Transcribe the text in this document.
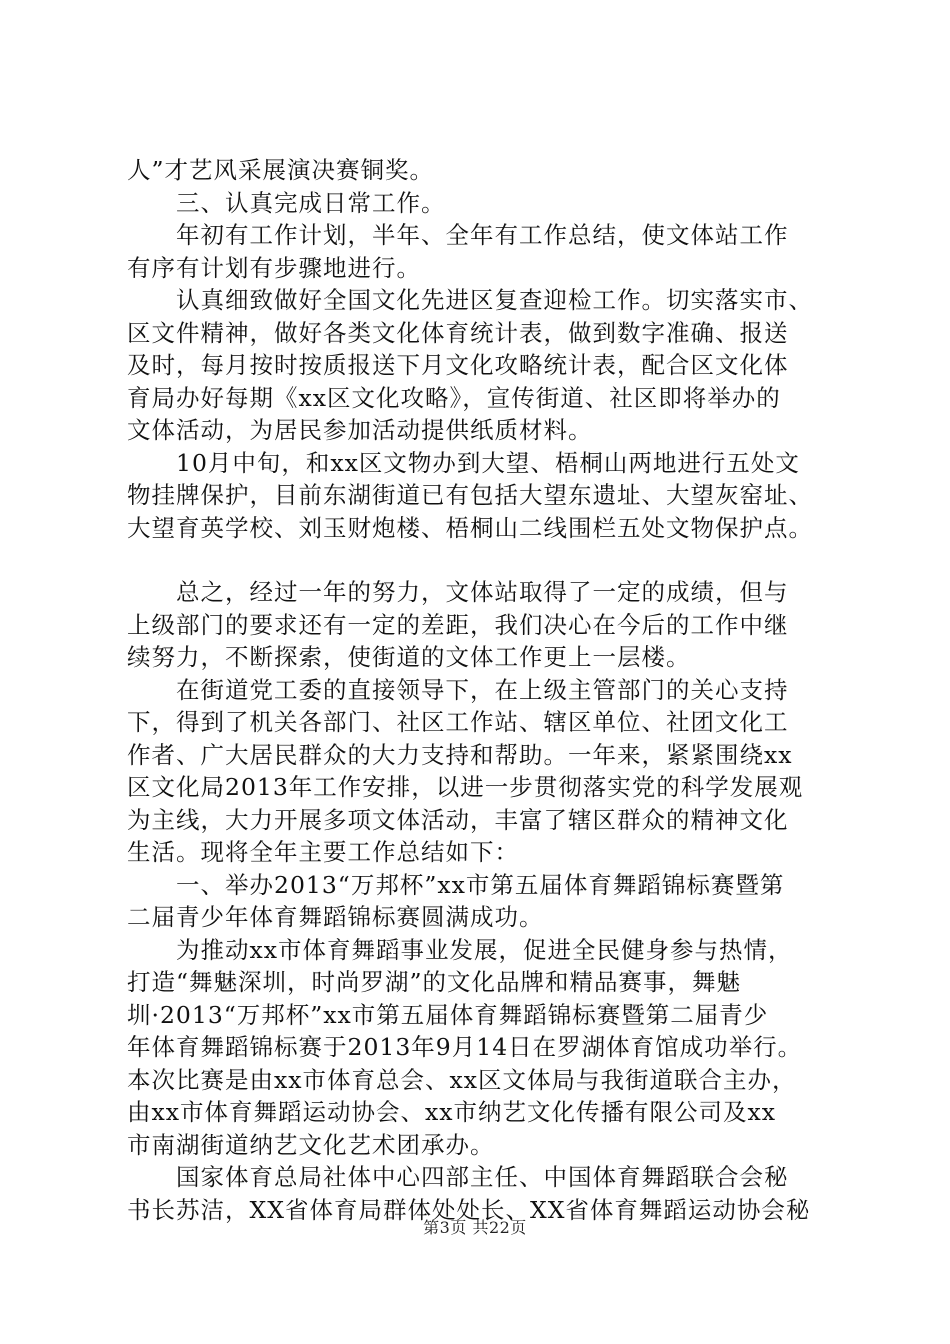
人”才艺风采展演决赛铜奖。

　　三、认真完成日常工作。

　　年初有工作计划，半年、全年有工作总结，使文体站工作
有序有计划有步骤地进行。

　　认真细致做好全国文化先进区复查迎检工作。切实落实市、
区文件精神，做好各类文化体育统计表，做到数字准确、报送
及时，每月按时按质报送下月文化攻略统计表，配合区文化体
育局办好每期《xx区文化攻略》，宣传街道、社区即将举办的
文体活动，为居民参加活动提供纸质材料。

　　10月中旬，和xx区文物办到大望、梧桐山两地进行五处文
物挂牌保护，目前东湖街道已有包括大望东遗址、大望灰窑址、
大望育英学校、刘玉财炮楼、梧桐山二线围栏五处文物保护点。

　　总之，经过一年的努力，文体站取得了一定的成绩，但与
上级部门的要求还有一定的差距，我们决心在今后的工作中继
续努力，不断探索，使街道的文体工作更上一层楼。

　　在街道党工委的直接领导下，在上级主管部门的关心支持
下，得到了机关各部门、社区工作站、辖区单位、社团文化工
作者、广大居民群众的大力支持和帮助。一年来，紧紧围绕xx
区文化局2013年工作安排，以进一步贯彻落实党的科学发展观
为主线，大力开展多项文体活动，丰富了辖区群众的精神文化
生活。现将全年主要工作总结如下：

　　一、举办2013“万邦杯”xx市第五届体育舞蹈锦标赛暨第
二届青少年体育舞蹈锦标赛圆满成功。

　　为推动xx市体育舞蹈事业发展，促进全民健身参与热情，
打造“舞魅深圳，时尚罗湖”的文化品牌和精品赛事，舞魅
圳·2013“万邦杯”xx市第五届体育舞蹈锦标赛暨第二届青少
年体育舞蹈锦标赛于2013年9月14日在罗湖体育馆成功举行。
本次比赛是由xx市体育总会、xx区文体局与我街道联合主办，
由xx市体育舞蹈运动协会、xx市纳艺文化传播有限公司及xx
市南湖街道纳艺文化艺术团承办。

　　国家体育总局社体中心四部主任、中国体育舞蹈联合会秘
书长苏洁，XX省体育局群体处处长、XX省体育舞蹈运动协会秘

第3页 共22页
